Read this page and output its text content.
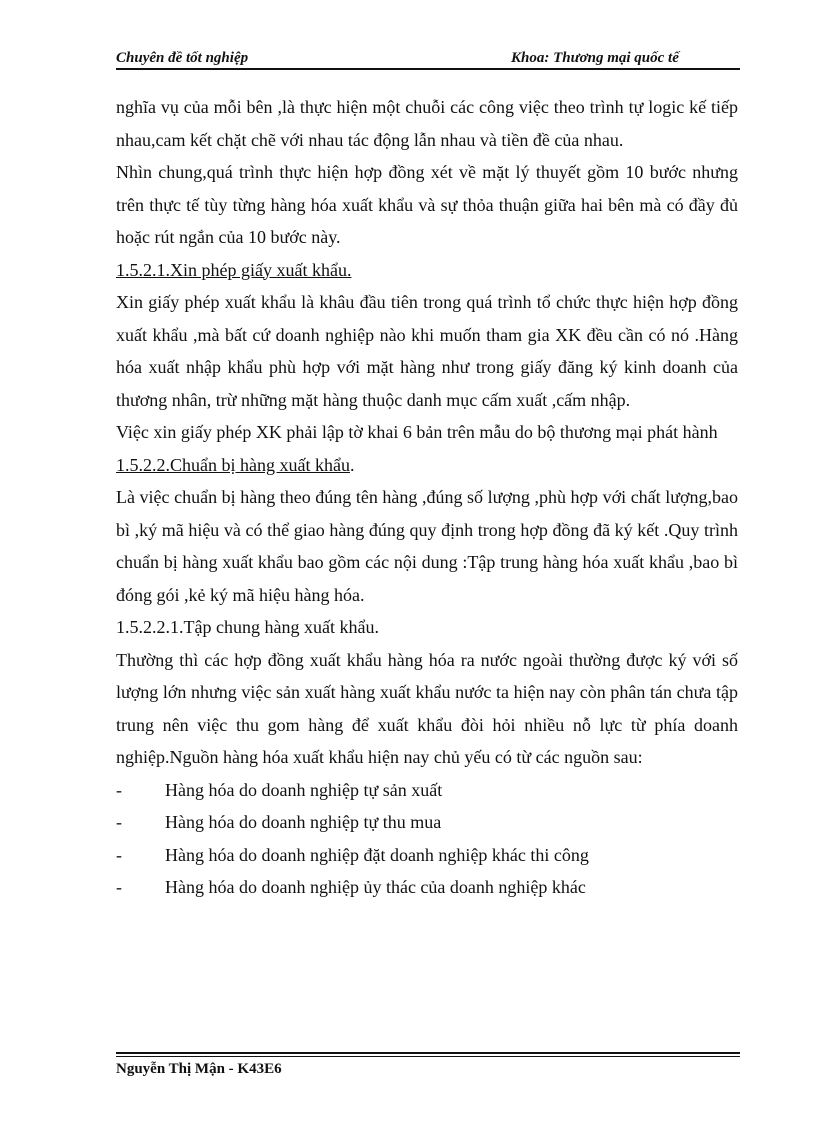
Chuyên đề tốt nghiệp	Khoa: Thương mại quốc tế

nghĩa vụ của mỗi bên ,là thực hiện một chuỗi các công việc theo trình tự logic kế tiếp nhau,cam kết chặt chẽ với nhau tác động lẫn nhau và tiền đề của nhau.

Nhìn chung,quá trình thực hiện hợp đồng xét về mặt lý thuyết gồm 10 bước nhưng trên thực tế tùy từng hàng hóa xuất khẩu và sự thỏa thuận giữa hai bên mà có đầy đủ hoặc rút ngắn của 10 bước này.

1.5.2.1.Xin phép giấy xuất khẩu.

Xin giấy phép xuất khẩu là khâu đầu tiên trong quá trình tổ chức thực hiện hợp đồng xuất khẩu ,mà bất cứ doanh nghiệp nào khi muốn tham gia XK đều cần có nó .Hàng hóa xuất nhập khẩu phù hợp với mặt hàng như trong giấy đăng ký kinh doanh của thương nhân, trừ những mặt hàng thuộc danh mục cấm xuất ,cấm nhập.

Việc xin giấy phép XK phải lập tờ khai 6 bản trên mẫu do bộ thương mại phát hành

1.5.2.2.Chuẩn bị hàng xuất khẩu.

Là việc chuẩn bị hàng theo đúng tên hàng ,đúng số lượng ,phù hợp với chất lượng,bao bì ,ký mã hiệu và có thể giao hàng đúng quy định trong hợp đồng đã ký kết .Quy trình chuẩn bị hàng xuất khẩu bao gồm các nội dung :Tập trung hàng hóa xuất khẩu ,bao bì đóng gói ,kẻ ký mã hiệu hàng hóa.

1.5.2.2.1.Tập chung hàng xuất khẩu.

Thường thì các hợp đồng xuất khẩu hàng hóa ra nước ngoài thường được ký với số lượng lớn nhưng việc sản xuất hàng xuất khẩu nước ta hiện nay còn phân tán chưa tập trung nên việc thu gom hàng để xuất khẩu đòi hỏi nhiều nỗ lực từ phía doanh nghiệp.Nguồn hàng hóa xuất khẩu hiện nay chủ yếu có từ các nguồn sau:

-	Hàng hóa do doanh nghiệp tự sản xuất
-	Hàng hóa do doanh nghiệp tự thu mua
-	Hàng hóa do doanh nghiệp đặt doanh nghiệp khác thi công
-	Hàng hóa do doanh nghiệp ủy thác của doanh nghiệp khác
Nguyễn Thị Mận - K43E6
